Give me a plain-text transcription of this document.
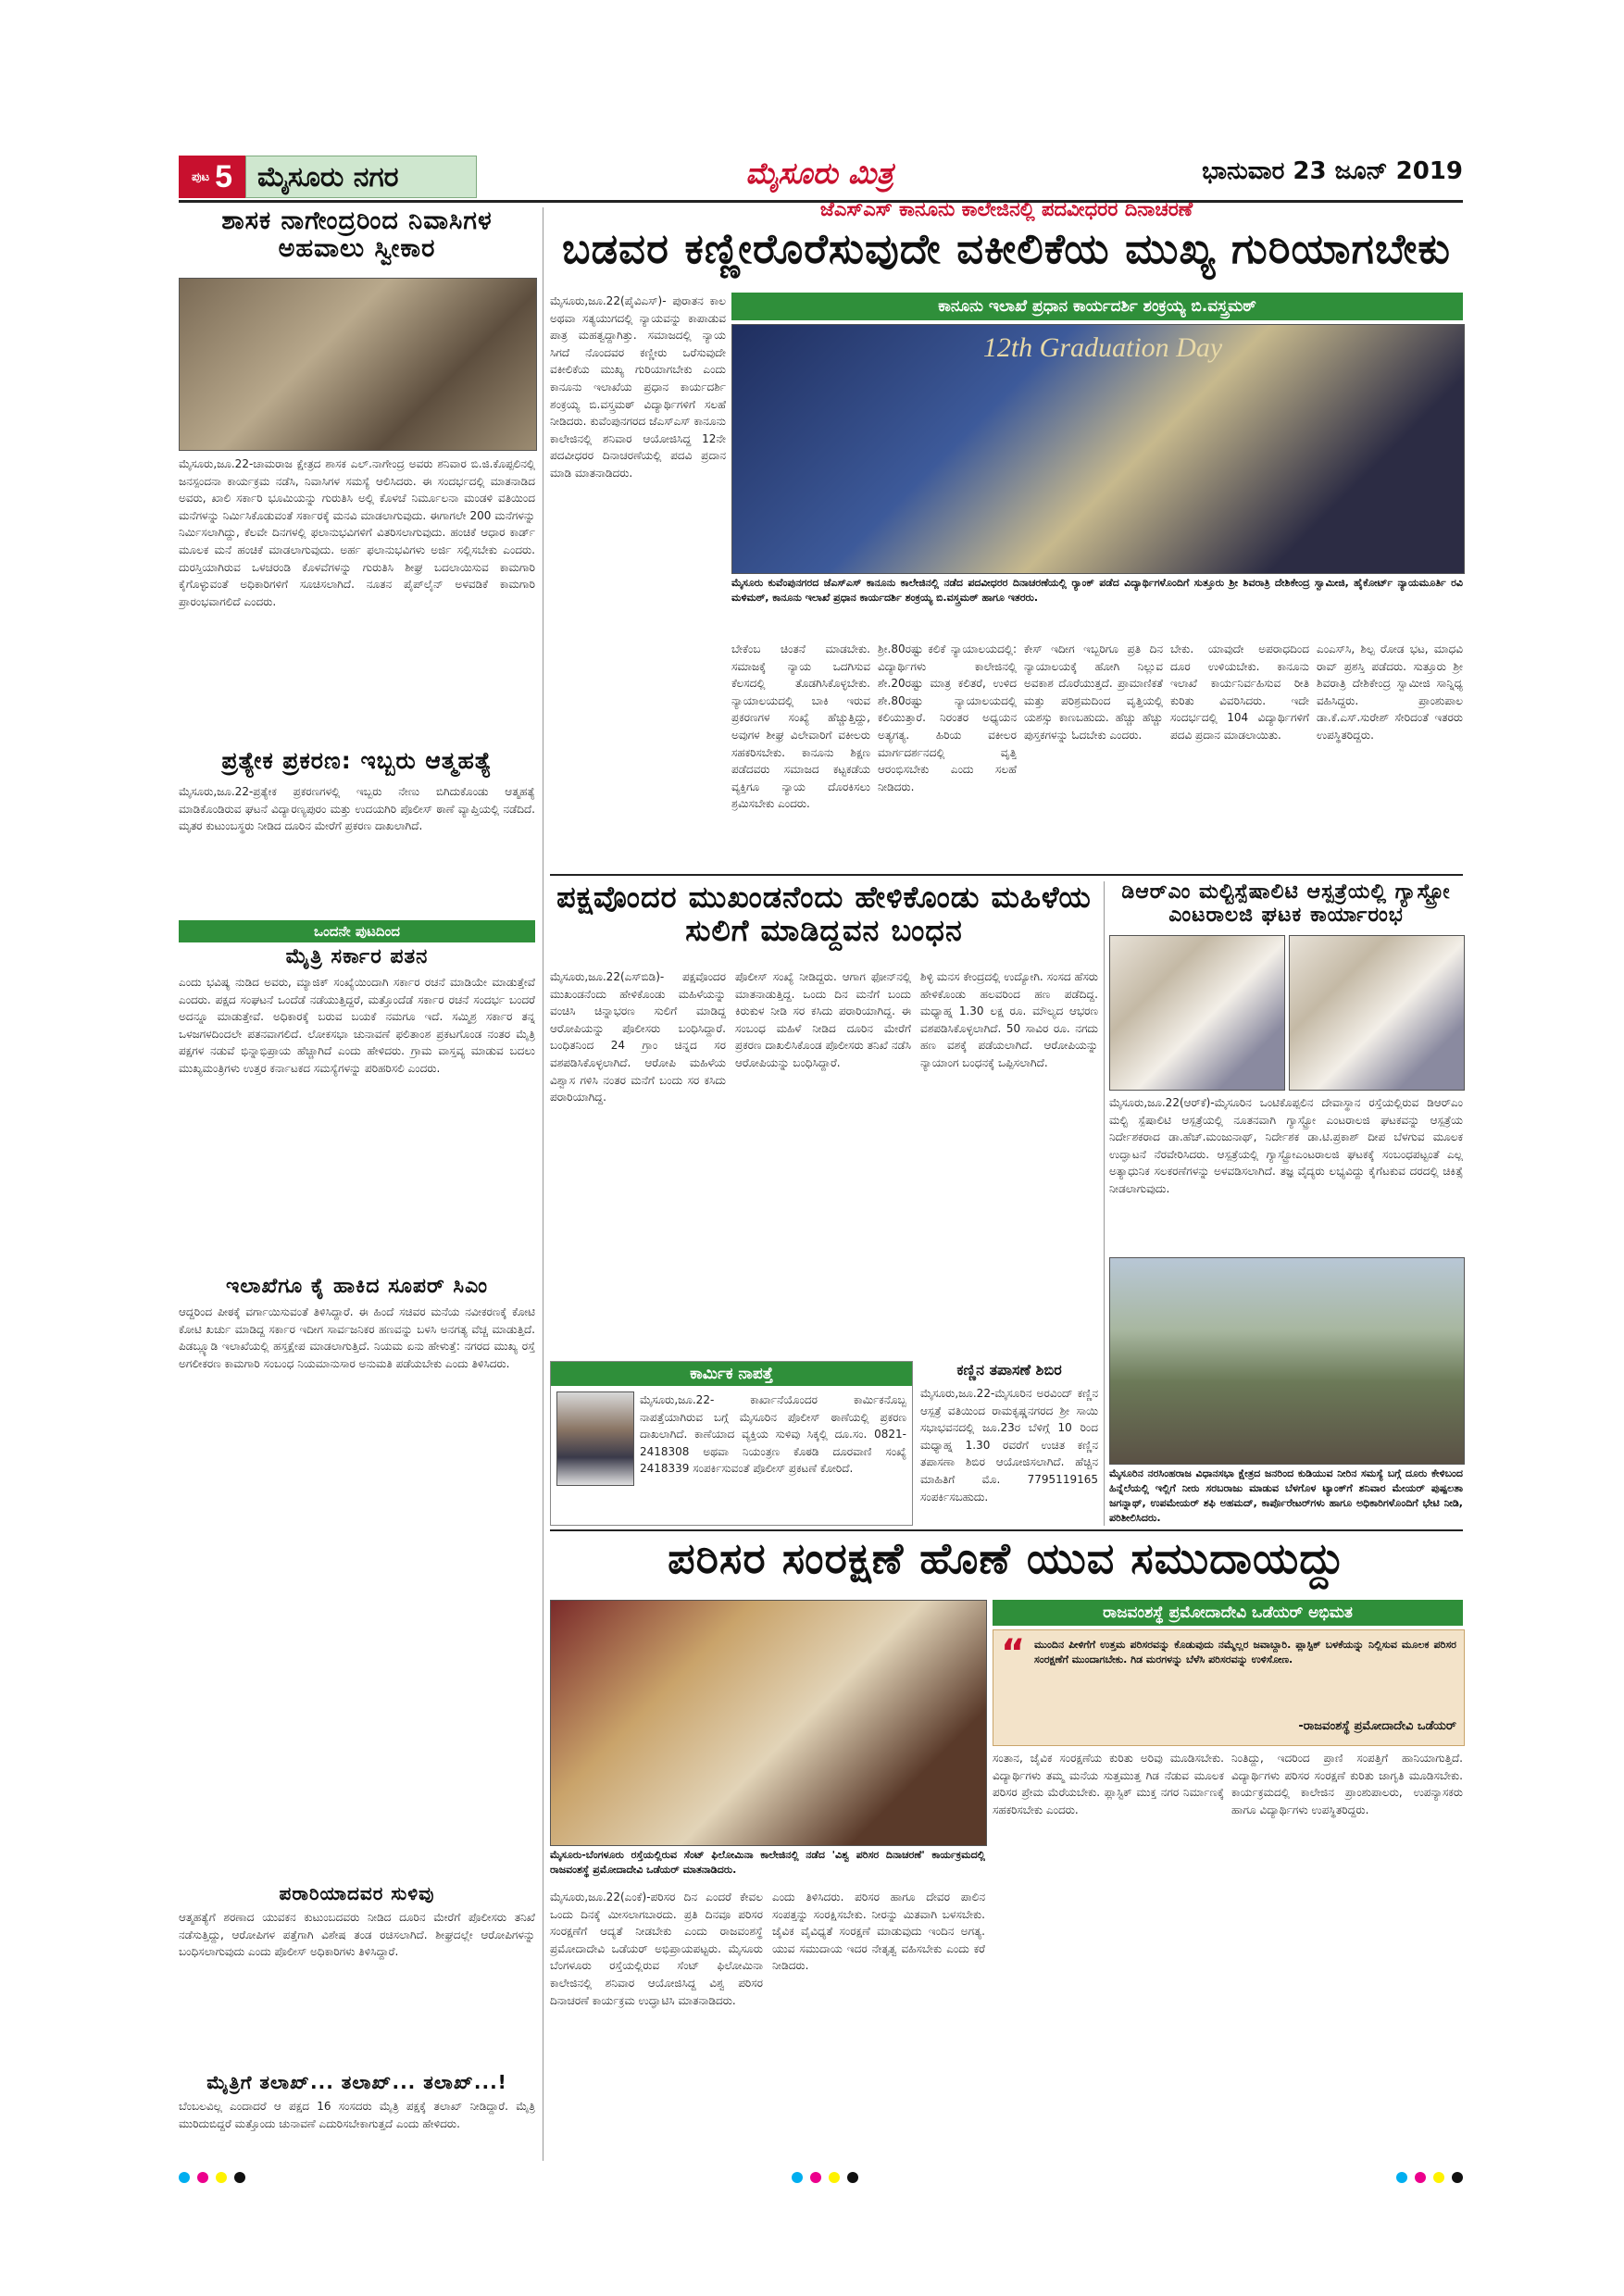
ಪುಟ 5 ಮೈಸೂರು ನಗರ	ಮೈಸೂರು ಮಿತ್ರ	ಭಾನುವಾರ 23 ಜೂನ್ 2019
ಶಾಸಕ ನಾಗೇಂದ್ರರಿಂದ ನಿವಾಸಿಗಳ ಅಹವಾಲು ಸ್ವೀಕಾರ
ಮೈಸೂರು,ಜೂ.22-ಚಾಮರಾಜ ಕ್ಷೇತ್ರದ ಶಾಸಕ ಎಲ್.ನಾಗೇಂದ್ರ ಅವರು ಶನಿವಾರ ಬಿ.ಜಿ.ಕೊಪ್ಪಲಿನಲ್ಲಿ ಜನಸ್ಪಂದನಾ ಕಾರ್ಯಕ್ರಮ ನಡೆಸಿ, ನಿವಾಸಿಗಳ ಸಮಸ್ಯೆ ಆಲಿಸಿದರು. ಈ ಸಂದರ್ಭದಲ್ಲಿ ಮಾತನಾಡಿದ ಅವರು, ಖಾಲಿ ಸರ್ಕಾರಿ ಭೂಮಿಯನ್ನು ಗುರುತಿಸಿ ಅಲ್ಲಿ ಕೊಳಚೆ ನಿರ್ಮೂಲನಾ ಮಂಡಳಿ ವತಿಯಿಂದ ಮನೆಗಳನ್ನು ನಿರ್ಮಿಸಿಕೊಡುವಂತೆ ಸರ್ಕಾರಕ್ಕೆ ಮನವಿ ಮಾಡಲಾಗುವುದು. ಈಗಾಗಲೇ 200 ಮನೆಗಳನ್ನು ನಿರ್ಮಿಸಲಾಗಿದ್ದು, ಕೆಲವೇ ದಿನಗಳಲ್ಲಿ ಫಲಾನುಭವಿಗಳಿಗೆ ವಿತರಿಸಲಾಗುವುದು. ಹಂಚಿಕೆ ಆಧಾರ ಕಾರ್ಡ್ ಮೂಲಕ ಮನೆ ಹಂಚಿಕೆ ಮಾಡಲಾಗುವುದು. ಅರ್ಹ ಫಲಾನುಭವಿಗಳು ಅರ್ಜಿ ಸಲ್ಲಿಸಬೇಕು ಎಂದರು. ದುರಸ್ತಿಯಾಗಿರುವ ಒಳಚರಂಡಿ ಕೊಳವೆಗಳನ್ನು ಗುರುತಿಸಿ ಶೀಘ್ರ ಬದಲಾಯಿಸುವ ಕಾಮಗಾರಿ ಕೈಗೊಳ್ಳುವಂತೆ ಅಧಿಕಾರಿಗಳಿಗೆ ಸೂಚಿಸಲಾಗಿದೆ. ನೂತನ ಪೈಪ್‌ಲೈನ್ ಅಳವಡಿಕೆ ಕಾಮಗಾರಿ ಪ್ರಾರಂಭವಾಗಲಿದೆ ಎಂದರು.
ಪ್ರತ್ಯೇಕ ಪ್ರಕರಣ: ಇಬ್ಬರು ಆತ್ಮಹತ್ಯೆ
ಮೈಸೂರು,ಜೂ.22-ಪ್ರತ್ಯೇಕ ಪ್ರಕರಣಗಳಲ್ಲಿ ಇಬ್ಬರು ನೇಣು ಬಿಗಿದುಕೊಂಡು ಆತ್ಮಹತ್ಯೆ ಮಾಡಿಕೊಂಡಿರುವ ಘಟನೆ ವಿದ್ಯಾರಣ್ಯಪುರಂ ಮತ್ತು ಉದಯಗಿರಿ ಪೊಲೀಸ್ ಠಾಣೆ ವ್ಯಾಪ್ತಿಯಲ್ಲಿ ನಡೆದಿದೆ. ಮೃತರ ಕುಟುಂಬಸ್ಥರು ನೀಡಿದ ದೂರಿನ ಮೇರೆಗೆ ಪ್ರಕರಣ ದಾಖಲಾಗಿದೆ.
ಒಂದನೇ ಪುಟದಿಂದ
ಮೈತ್ರಿ ಸರ್ಕಾರ ಪತನ
ಎಂದು ಭವಿಷ್ಯ ನುಡಿದ ಅವರು, ಮ್ಯಾಜಿಕ್ ಸಂಖ್ಯೆಯಿಂದಾಗಿ ಸರ್ಕಾರ ರಚನೆ ಮಾಡಿಯೇ ಮಾಡುತ್ತೇವೆ ಎಂದರು. ಪಕ್ಷದ ಸಂಘಟನೆ ಒಂದೆಡೆ ನಡೆಯುತ್ತಿದ್ದರೆ, ಮತ್ತೊಂದೆಡೆ ಸರ್ಕಾರ ರಚನೆ ಸಂದರ್ಭ ಬಂದರೆ ಅದನ್ನೂ ಮಾಡುತ್ತೇವೆ. ಅಧಿಕಾರಕ್ಕೆ ಬರುವ ಬಯಕೆ ನಮಗೂ ಇದೆ. ಸಮ್ಮಿಶ್ರ ಸರ್ಕಾರ ತನ್ನ ಒಳಜಗಳದಿಂದಲೇ ಪತನವಾಗಲಿದೆ. ಲೋಕಸಭಾ ಚುನಾವಣೆ ಫಲಿತಾಂಶ ಪ್ರಕಟಗೊಂಡ ನಂತರ ಮೈತ್ರಿ ಪಕ್ಷಗಳ ನಡುವೆ ಭಿನ್ನಾಭಿಪ್ರಾಯ ಹೆಚ್ಚಾಗಿದೆ ಎಂದು ಹೇಳಿದರು. ಗ್ರಾಮ ವಾಸ್ತವ್ಯ ಮಾಡುವ ಬದಲು ಮುಖ್ಯಮಂತ್ರಿಗಳು ಉತ್ತರ ಕರ್ನಾಟಕದ ಸಮಸ್ಯೆಗಳನ್ನು ಪರಿಹರಿಸಲಿ ಎಂದರು.
ಇಲಾಖೆಗೂ ಕೈ ಹಾಕಿದ ಸೂಪರ್ ಸಿಎಂ
ಆದ್ದರಿಂದ ಪೀಠಕ್ಕೆ ವರ್ಗಾಯಿಸುವಂತೆ ತಿಳಿಸಿದ್ದಾರೆ. ಈ ಹಿಂದೆ ಸಚಿವರ ಮನೆಯ ನವೀಕರಣಕ್ಕೆ ಕೋಟಿ ಕೋಟಿ ಖರ್ಚು ಮಾಡಿದ್ದ ಸರ್ಕಾರ ಇದೀಗ ಸಾರ್ವಜನಿಕರ ಹಣವನ್ನು ಬಳಸಿ ಅನಗತ್ಯ ವೆಚ್ಚ ಮಾಡುತ್ತಿದೆ. ಪಿಡಬ್ಲ್ಯೂಡಿ ಇಲಾಖೆಯಲ್ಲಿ ಹಸ್ತಕ್ಷೇಪ ಮಾಡಲಾಗುತ್ತಿದೆ. ನಿಯಮ ಏನು ಹೇಳುತ್ತೆ: ನಗರದ ಮುಖ್ಯ ರಸ್ತೆ ಅಗಲೀಕರಣ ಕಾಮಗಾರಿ ಸಂಬಂಧ ನಿಯಮಾನುಸಾರ ಅನುಮತಿ ಪಡೆಯಬೇಕು ಎಂದು ತಿಳಿಸಿದರು.
ಪರಾರಿಯಾದವರ ಸುಳಿವು
ಆತ್ಮಹತ್ಯೆಗೆ ಶರಣಾದ ಯುವಕನ ಕುಟುಂಬದವರು ನೀಡಿದ ದೂರಿನ ಮೇರೆಗೆ ಪೊಲೀಸರು ತನಿಖೆ ನಡೆಸುತ್ತಿದ್ದು, ಆರೋಪಿಗಳ ಪತ್ತೆಗಾಗಿ ವಿಶೇಷ ತಂಡ ರಚಿಸಲಾಗಿದೆ. ಶೀಘ್ರದಲ್ಲೇ ಆರೋಪಿಗಳನ್ನು ಬಂಧಿಸಲಾಗುವುದು ಎಂದು ಪೊಲೀಸ್ ಅಧಿಕಾರಿಗಳು ತಿಳಿಸಿದ್ದಾರೆ.
ಮೈತ್ರಿಗೆ ತಲಾಖ್... ತಲಾಖ್... ತಲಾಖ್...!
ಬೆಂಬಲವಿಲ್ಲ ಎಂದಾದರೆ ಆ ಪಕ್ಷದ 16 ಸಂಸದರು ಮೈತ್ರಿ ಪಕ್ಷಕ್ಕೆ ತಲಾಖ್ ನೀಡಿದ್ದಾರೆ. ಮೈತ್ರಿ ಮುರಿದುಬಿದ್ದರೆ ಮತ್ತೊಂದು ಚುನಾವಣೆ ಎದುರಿಸಬೇಕಾಗುತ್ತದೆ ಎಂದು ಹೇಳಿದರು.
ಜೆಎಸ್‌ಎಸ್ ಕಾನೂನು ಕಾಲೇಜಿನಲ್ಲಿ ಪದವೀಧರರ ದಿನಾಚರಣೆ
ಬಡವರ ಕಣ್ಣೀರೊರೆಸುವುದೇ ವಕೀಲಿಕೆಯ ಮುಖ್ಯ ಗುರಿಯಾಗಬೇಕು
ಮೈಸೂರು,ಜೂ.22(ಪೈವಿಎಸ್)- ಪುರಾತನ ಕಾಲ ಅಥವಾ ಸತ್ಯಯುಗದಲ್ಲಿ ನ್ಯಾಯವನ್ನು ಕಾಪಾಡುವ ಪಾತ್ರ ಮಹತ್ವದ್ದಾಗಿತ್ತು. ಸಮಾಜದಲ್ಲಿ ನ್ಯಾಯ ಸಿಗದೆ ನೊಂದವರ ಕಣ್ಣೀರು ಒರೆಸುವುದೇ ವಕೀಲಿಕೆಯ ಮುಖ್ಯ ಗುರಿಯಾಗಬೇಕು ಎಂದು ಕಾನೂನು ಇಲಾಖೆಯ ಪ್ರಧಾನ ಕಾರ್ಯದರ್ಶಿ ಶಂಕ್ರಯ್ಯ ಬಿ.ವಸ್ತ್ರಮಠ್ ವಿದ್ಯಾರ್ಥಿಗಳಿಗೆ ಸಲಹೆ ನೀಡಿದರು. ಕುವೆಂಪುನಗರದ ಜೆಎಸ್‌ಎಸ್ ಕಾನೂನು ಕಾಲೇಜಿನಲ್ಲಿ ಶನಿವಾರ ಆಯೋಜಿಸಿದ್ದ 12ನೇ ಪದವೀಧರರ ದಿನಾಚರಣೆಯಲ್ಲಿ ಪದವಿ ಪ್ರದಾನ ಮಾಡಿ ಮಾತನಾಡಿದರು.
ಕಾನೂನು ಇಲಾಖೆ ಪ್ರಧಾನ ಕಾರ್ಯದರ್ಶಿ ಶಂಕ್ರಯ್ಯ ಬಿ.ವಸ್ತ್ರಮಠ್
12th Graduation Day
ಮೈಸೂರು ಕುವೆಂಪುನಗರದ ಜೆಎಸ್‌ಎಸ್ ಕಾನೂನು ಕಾಲೇಜಿನಲ್ಲಿ ನಡೆದ ಪದವೀಧರರ ದಿನಾಚರಣೆಯಲ್ಲಿ ರ್‍ಯಾಂಕ್ ಪಡೆದ ವಿದ್ಯಾರ್ಥಿಗಳೊಂದಿಗೆ ಸುತ್ತೂರು ಶ್ರೀ ಶಿವರಾತ್ರಿ ದೇಶಿಕೇಂದ್ರ ಸ್ವಾಮೀಜಿ, ಹೈಕೋರ್ಟ್ ನ್ಯಾಯಮೂರ್ತಿ ರವಿ ಮಳಿಮಠ್, ಕಾನೂನು ಇಲಾಖೆ ಪ್ರಧಾನ ಕಾರ್ಯದರ್ಶಿ ಶಂಕ್ರಯ್ಯ ಬಿ.ವಸ್ತ್ರಮಠ್ ಹಾಗೂ ಇತರರು.
ಬೇಕೆಂಬ ಚಿಂತನೆ ಮಾಡಬೇಕು. ಸಮಾಜಕ್ಕೆ ನ್ಯಾಯ ಒದಗಿಸುವ ಕೆಲಸದಲ್ಲಿ ತೊಡಗಿಸಿಕೊಳ್ಳಬೇಕು. ನ್ಯಾಯಾಲಯದಲ್ಲಿ ಬಾಕಿ ಇರುವ ಪ್ರಕರಣಗಳ ಸಂಖ್ಯೆ ಹೆಚ್ಚುತ್ತಿದ್ದು, ಅವುಗಳ ಶೀಘ್ರ ವಿಲೇವಾರಿಗೆ ವಕೀಲರು ಸಹಕರಿಸಬೇಕು. ಕಾನೂನು ಶಿಕ್ಷಣ ಪಡೆದವರು ಸಮಾಜದ ಕಟ್ಟಕಡೆಯ ವ್ಯಕ್ತಿಗೂ ನ್ಯಾಯ ದೊರಕಿಸಲು ಶ್ರಮಿಸಬೇಕು ಎಂದರು.
ಶ್ರೀ.80ರಷ್ಟು ಕಲಿಕೆ ನ್ಯಾಯಾಲಯದಲ್ಲಿ: ವಿದ್ಯಾರ್ಥಿಗಳು ಕಾಲೇಜಿನಲ್ಲಿ ಶೇ.20ರಷ್ಟು ಮಾತ್ರ ಕಲಿತರೆ, ಉಳಿದ ಶೇ.80ರಷ್ಟು ನ್ಯಾಯಾಲಯದಲ್ಲಿ ಕಲಿಯುತ್ತಾರೆ. ನಿರಂತರ ಅಧ್ಯಯನ ಅತ್ಯಗತ್ಯ. ಹಿರಿಯ ವಕೀಲರ ಮಾರ್ಗದರ್ಶನದಲ್ಲಿ ವೃತ್ತಿ ಆರಂಭಿಸಬೇಕು ಎಂದು ಸಲಹೆ ನೀಡಿದರು.
ಕೇಸ್ ಇದೀಗ ಇಬ್ಬರಿಗೂ ಪ್ರತಿ ದಿನ ನ್ಯಾಯಾಲಯಕ್ಕೆ ಹೋಗಿ ನಿಲ್ಲುವ ಅವಕಾಶ ದೊರೆಯುತ್ತದೆ. ಪ್ರಾಮಾಣಿಕತೆ ಮತ್ತು ಪರಿಶ್ರಮದಿಂದ ವೃತ್ತಿಯಲ್ಲಿ ಯಶಸ್ಸು ಕಾಣಬಹುದು. ಹೆಚ್ಚು ಹೆಚ್ಚು ಪುಸ್ತಕಗಳನ್ನು ಓದಬೇಕು ಎಂದರು.
ಬೇಕು. ಯಾವುದೇ ಅಪರಾಧದಿಂದ ದೂರ ಉಳಿಯಬೇಕು. ಕಾನೂನು ಇಲಾಖೆ ಕಾರ್ಯನಿರ್ವಹಿಸುವ ರೀತಿ ಕುರಿತು ವಿವರಿಸಿದರು. ಇದೇ ಸಂದರ್ಭದಲ್ಲಿ 104 ವಿದ್ಯಾರ್ಥಿಗಳಿಗೆ ಪದವಿ ಪ್ರದಾನ ಮಾಡಲಾಯಿತು.
ಎಂಎಸ್‌ಸಿ, ಶಿಲ್ಪ ರೋಡ ಭಟ, ಮಾಧವಿ ರಾವ್ ಪ್ರಶಸ್ತಿ ಪಡೆದರು. ಸುತ್ತೂರು ಶ್ರೀ ಶಿವರಾತ್ರಿ ದೇಶಿಕೇಂದ್ರ ಸ್ವಾಮೀಜಿ ಸಾನ್ನಿಧ್ಯ ವಹಿಸಿದ್ದರು. ಪ್ರಾಂಶುಪಾಲ ಡಾ.ಕೆ.ಎಸ್.ಸುರೇಶ್ ಸೇರಿದಂತೆ ಇತರರು ಉಪಸ್ಥಿತರಿದ್ದರು.
ಪಕ್ಷವೊಂದರ ಮುಖಂಡನೆಂದು ಹೇಳಿಕೊಂಡು ಮಹಿಳೆಯ ಸುಲಿಗೆ ಮಾಡಿದ್ದವನ ಬಂಧನ
ಮೈಸೂರು,ಜೂ.22(ಎಸ್‌ಬಿಡಿ)- ಪಕ್ಷವೊಂದರ ಮುಖಂಡನೆಂದು ಹೇಳಿಕೊಂಡು ಮಹಿಳೆಯನ್ನು ವಂಚಿಸಿ ಚಿನ್ನಾಭರಣ ಸುಲಿಗೆ ಮಾಡಿದ್ದ ಆರೋಪಿಯನ್ನು ಪೊಲೀಸರು ಬಂಧಿಸಿದ್ದಾರೆ. ಬಂಧಿತನಿಂದ 24 ಗ್ರಾಂ ಚಿನ್ನದ ಸರ ವಶಪಡಿಸಿಕೊಳ್ಳಲಾಗಿದೆ. ಆರೋಪಿ ಮಹಿಳೆಯ ವಿಶ್ವಾಸ ಗಳಿಸಿ ನಂತರ ಮನೆಗೆ ಬಂದು ಸರ ಕಸಿದು ಪರಾರಿಯಾಗಿದ್ದ.
ಪೊಲೀಸ್ ಸಂಖ್ಯೆ ನೀಡಿದ್ದರು. ಆಗಾಗ ಫೋನ್‌ನಲ್ಲಿ ಮಾತನಾಡುತ್ತಿದ್ದ. ಒಂದು ದಿನ ಮನೆಗೆ ಬಂದು ಕಿರುಕುಳ ನೀಡಿ ಸರ ಕಸಿದು ಪರಾರಿಯಾಗಿದ್ದ. ಈ ಸಂಬಂಧ ಮಹಿಳೆ ನೀಡಿದ ದೂರಿನ ಮೇರೆಗೆ ಪ್ರಕರಣ ದಾಖಲಿಸಿಕೊಂಡ ಪೊಲೀಸರು ತನಿಖೆ ನಡೆಸಿ ಆರೋಪಿಯನ್ನು ಬಂಧಿಸಿದ್ದಾರೆ.
ಶಿಳ್ಳಿ ಮನಸ ಕೇಂದ್ರದಲ್ಲಿ ಉದ್ಯೋಗಿ. ಸಂಸದ ಹೆಸರು ಹೇಳಿಕೊಂಡು ಹಲವರಿಂದ ಹಣ ಪಡೆದಿದ್ದ. ಮಧ್ಯಾಹ್ನ 1.30 ಲಕ್ಷ ರೂ. ಮೌಲ್ಯದ ಆಭರಣ ವಶಪಡಿಸಿಕೊಳ್ಳಲಾಗಿದೆ. 50 ಸಾವಿರ ರೂ. ನಗದು ಹಣ ವಶಕ್ಕೆ ಪಡೆಯಲಾಗಿದೆ. ಆರೋಪಿಯನ್ನು ನ್ಯಾಯಾಂಗ ಬಂಧನಕ್ಕೆ ಒಪ್ಪಿಸಲಾಗಿದೆ.
ಕಾರ್ಮಿಕ ನಾಪತ್ತೆ
ಮೈಸೂರು,ಜೂ.22- ಕಾರ್ಖಾನೆಯೊಂದರ ಕಾರ್ಮಿಕನೊಬ್ಬ ನಾಪತ್ತೆಯಾಗಿರುವ ಬಗ್ಗೆ ಮೈಸೂರಿನ ಪೊಲೀಸ್ ಠಾಣೆಯಲ್ಲಿ ಪ್ರಕರಣ ದಾಖಲಾಗಿದೆ. ಕಾಣೆಯಾದ ವ್ಯಕ್ತಿಯ ಸುಳಿವು ಸಿಕ್ಕಲ್ಲಿ ದೂ.ಸಂ. 0821-2418308 ಅಥವಾ ನಿಯಂತ್ರಣ ಕೊಠಡಿ ದೂರವಾಣಿ ಸಂಖ್ಯೆ 2418339 ಸಂಪರ್ಕಿಸುವಂತೆ ಪೊಲೀಸ್ ಪ್ರಕಟಣೆ ಕೋರಿದೆ.
ಕಣ್ಣಿನ ತಪಾಸಣೆ ಶಿಬಿರ
ಮೈಸೂರು,ಜೂ.22-ಮೈಸೂರಿನ ಅರವಿಂದ್ ಕಣ್ಣಿನ ಆಸ್ಪತ್ರೆ ವತಿಯಿಂದ ರಾಮಕೃಷ್ಣನಗರದ ಶ್ರೀ ಸಾಯಿ ಸಭಾಭವನದಲ್ಲಿ ಜೂ.23ರ ಬೆಳಿಗ್ಗೆ 10 ರಿಂದ ಮಧ್ಯಾಹ್ನ 1.30 ರವರೆಗೆ ಉಚಿತ ಕಣ್ಣಿನ ತಪಾಸಣಾ ಶಿಬಿರ ಆಯೋಜಿಸಲಾಗಿದೆ. ಹೆಚ್ಚಿನ ಮಾಹಿತಿಗೆ ಮೊ. 7795119165 ಸಂಪರ್ಕಿಸಬಹುದು.
ಡಿಆರ್‌ಎಂ ಮಲ್ಟಿಸ್ಪೆಷಾಲಿಟಿ ಆಸ್ಪತ್ರೆಯಲ್ಲಿ ಗ್ಯಾಸ್ಟ್ರೋ ಎಂಟರಾಲಜಿ ಘಟಕ ಕಾರ್ಯಾರಂಭ
ಮೈಸೂರು,ಜೂ.22(ಆರ್‌ಕೆ)-ಮೈಸೂರಿನ ಒಂಟಿಕೊಪ್ಪಲಿನ ದೇವಾಸ್ಥಾನ ರಸ್ತೆಯಲ್ಲಿರುವ ಡಿಆರ್‌ಎಂ ಮಲ್ಟಿ ಸ್ಪೆಷಾಲಿಟಿ ಆಸ್ಪತ್ರೆಯಲ್ಲಿ ನೂತನವಾಗಿ ಗ್ಯಾಸ್ಟ್ರೋ ಎಂಟರಾಲಜಿ ಘಟಕವನ್ನು ಆಸ್ಪತ್ರೆಯ ನಿರ್ದೇಶಕರಾದ ಡಾ.ಹೆಚ್.ಮಂಜುನಾಥ್, ನಿರ್ದೇಶಕ ಡಾ.ಟಿ.ಪ್ರಕಾಶ್ ದೀಪ ಬೆಳಗುವ ಮೂಲಕ ಉದ್ಘಾಟನೆ ನೆರವೇರಿಸಿದರು. ಆಸ್ಪತ್ರೆಯಲ್ಲಿ ಗ್ಯಾಸ್ಟ್ರೋಎಂಟರಾಲಜಿ ಘಟಕಕ್ಕೆ ಸಂಬಂಧಪಟ್ಟಂತೆ ಎಲ್ಲ ಅತ್ಯಾಧುನಿಕ ಸಲಕರಣೆಗಳನ್ನು ಅಳವಡಿಸಲಾಗಿದೆ. ತಜ್ಞ ವೈದ್ಯರು ಲಭ್ಯವಿದ್ದು ಕೈಗೆಟಕುವ ದರದಲ್ಲಿ ಚಿಕಿತ್ಸೆ ನೀಡಲಾಗುವುದು.
ಮೈಸೂರಿನ ನರಸಿಂಹರಾಜ ವಿಧಾನಸಭಾ ಕ್ಷೇತ್ರದ ಜನರಿಂದ ಕುಡಿಯುವ ನೀರಿನ ಸಮಸ್ಯೆ ಬಗ್ಗೆ ದೂರು ಕೇಳಿಬಂದ ಹಿನ್ನೆಲೆಯಲ್ಲಿ ಇಲ್ಲಿಗೆ ನೀರು ಸರಬರಾಜು ಮಾಡುವ ಬೆಳಗೊಳ ಟ್ಯಾಂಕ್‌ಗೆ ಶನಿವಾರ ಮೇಯರ್ ಪುಷ್ಪಲತಾ ಜಗನ್ನಾಥ್, ಉಪಮೇಯರ್ ಶಫಿ ಅಹಮದ್, ಕಾರ್ಪೊರೇಟರ್‌ಗಳು ಹಾಗೂ ಅಧಿಕಾರಿಗಳೊಂದಿಗೆ ಭೇಟಿ ನೀಡಿ, ಪರಿಶೀಲಿಸಿದರು.
ಪರಿಸರ ಸಂರಕ್ಷಣೆ ಹೊಣೆ ಯುವ ಸಮುದಾಯದ್ದು
ರಾಜವಂಶಸ್ಥೆ ಪ್ರಮೋದಾದೇವಿ ಒಡೆಯರ್ ಅಭಿಮತ
“ ಮುಂದಿನ ಪೀಳಿಗೆಗೆ ಉತ್ತಮ ಪರಿಸರವನ್ನು ಕೊಡುವುದು ನಮ್ಮೆಲ್ಲರ ಜವಾಬ್ದಾರಿ. ಪ್ಲಾಸ್ಟಿಕ್ ಬಳಕೆಯನ್ನು ನಿಲ್ಲಿಸುವ ಮೂಲಕ ಪರಿಸರ ಸಂರಕ್ಷಣೆಗೆ ಮುಂದಾಗಬೇಕು. ಗಿಡ ಮರಗಳನ್ನು ಬೆಳೆಸಿ ಪರಿಸರವನ್ನು ಉಳಿಸೋಣ.
-ರಾಜವಂಶಸ್ಥೆ ಪ್ರಮೋದಾದೇವಿ ಒಡೆಯರ್
ಸಂತಾನ, ಜೈವಿಕ ಸಂರಕ್ಷಣೆಯ ಕುರಿತು ಅರಿವು ಮೂಡಿಸಬೇಕು. ವಿದ್ಯಾರ್ಥಿಗಳು ತಮ್ಮ ಮನೆಯ ಸುತ್ತಮುತ್ತ ಗಿಡ ನೆಡುವ ಮೂಲಕ ಪರಿಸರ ಪ್ರೇಮ ಮೆರೆಯಬೇಕು. ಪ್ಲಾಸ್ಟಿಕ್ ಮುಕ್ತ ನಗರ ನಿರ್ಮಾಣಕ್ಕೆ ಸಹಕರಿಸಬೇಕು ಎಂದರು.
ನಿಂತಿದ್ದು, ಇದರಿಂದ ಪ್ರಾಣಿ ಸಂಪತ್ತಿಗೆ ಹಾನಿಯಾಗುತ್ತಿದೆ. ವಿದ್ಯಾರ್ಥಿಗಳು ಪರಿಸರ ಸಂರಕ್ಷಣೆ ಕುರಿತು ಜಾಗೃತಿ ಮೂಡಿಸಬೇಕು. ಕಾರ್ಯಕ್ರಮದಲ್ಲಿ ಕಾಲೇಜಿನ ಪ್ರಾಂಶುಪಾಲರು, ಉಪನ್ಯಾಸಕರು ಹಾಗೂ ವಿದ್ಯಾರ್ಥಿಗಳು ಉಪಸ್ಥಿತರಿದ್ದರು.
ಮೈಸೂರು-ಬೆಂಗಳೂರು ರಸ್ತೆಯಲ್ಲಿರುವ ಸೆಂಟ್ ಫಿಲೋಮಿನಾ ಕಾಲೇಜಿನಲ್ಲಿ ನಡೆದ 'ವಿಶ್ವ ಪರಿಸರ ದಿನಾಚರಣೆ' ಕಾರ್ಯಕ್ರಮದಲ್ಲಿ ರಾಜವಂಶಸ್ಥೆ ಪ್ರಮೋದಾದೇವಿ ಒಡೆಯರ್ ಮಾತನಾಡಿದರು.
ಮೈಸೂರು,ಜೂ.22(ಎಂಕೆ)-ಪರಿಸರ ದಿನ ಎಂದರೆ ಕೇವಲ ಒಂದು ದಿನಕ್ಕೆ ಮೀಸಲಾಗಬಾರದು. ಪ್ರತಿ ದಿನವೂ ಪರಿಸರ ಸಂರಕ್ಷಣೆಗೆ ಆದ್ಯತೆ ನೀಡಬೇಕು ಎಂದು ರಾಜವಂಶಸ್ಥೆ ಪ್ರಮೋದಾದೇವಿ ಒಡೆಯರ್ ಅಭಿಪ್ರಾಯಪಟ್ಟರು. ಮೈಸೂರು ಬೆಂಗಳೂರು ರಸ್ತೆಯಲ್ಲಿರುವ ಸೆಂಟ್ ಫಿಲೋಮಿನಾ ಕಾಲೇಜಿನಲ್ಲಿ ಶನಿವಾರ ಆಯೋಜಿಸಿದ್ದ ವಿಶ್ವ ಪರಿಸರ ದಿನಾಚರಣೆ ಕಾರ್ಯಕ್ರಮ ಉದ್ಘಾಟಿಸಿ ಮಾತನಾಡಿದರು.
ಎಂದು ತಿಳಿಸಿದರು. ಪರಿಸರ ಹಾಗೂ ದೇವರ ಪಾಲಿನ ಸಂಪತ್ತನ್ನು ಸಂರಕ್ಷಿಸಬೇಕು. ನೀರನ್ನು ಮಿತವಾಗಿ ಬಳಸಬೇಕು. ಜೈವಿಕ ವೈವಿಧ್ಯತೆ ಸಂರಕ್ಷಣೆ ಮಾಡುವುದು ಇಂದಿನ ಅಗತ್ಯ. ಯುವ ಸಮುದಾಯ ಇದರ ನೇತೃತ್ವ ವಹಿಸಬೇಕು ಎಂದು ಕರೆ ನೀಡಿದರು.
